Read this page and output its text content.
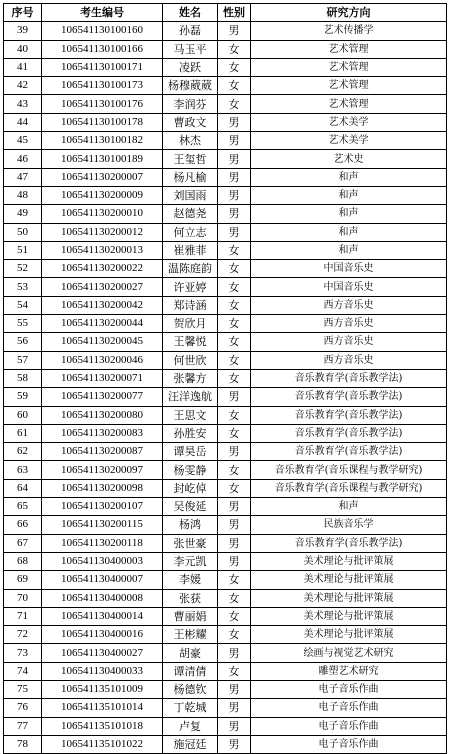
序号	考生编号	姓名	性别	研究方向
39	106541130100160	孙磊	男	艺术传播学
40	106541130100166	马玉平	女	艺术管理
41	106541130100171	凌跃	女	艺术管理
42	106541130100173	杨穆葳葳	女	艺术管理
43	106541130100176	李润芬	女	艺术管理
44	106541130100178	曹政文	男	艺术美学
45	106541130100182	林杰	男	艺术美学
46	106541130100189	王玺哲	男	艺术史
47	106541130200007	杨凡榆	男	和声
48	106541130200009	刘国雨	男	和声
49	106541130200010	赵德尧	男	和声
50	106541130200012	何立志	男	和声
51	106541130200013	崔雅菲	女	和声
52	106541130200022	温陈庭韵	女	中国音乐史
53	106541130200027	许亚婷	女	中国音乐史
54	106541130200042	郑诗涵	女	西方音乐史
55	106541130200044	贺欣月	女	西方音乐史
56	106541130200045	王馨悦	女	西方音乐史
57	106541130200046	何世欣	女	西方音乐史
58	106541130200071	张馨方	女	音乐教育学(音乐教学法)
59	106541130200077	汪洋逸航	男	音乐教育学(音乐教学法)
60	106541130200080	王思文	女	音乐教育学(音乐教学法)
61	106541130200083	孙胜安	女	音乐教育学(音乐教学法)
62	106541130200087	谭昊岳	男	音乐教育学(音乐教学法)
63	106541130200097	杨雯静	女	音乐教育学(音乐课程与教学研究)
64	106541130200098	封屹倬	女	音乐教育学(音乐课程与教学研究)
65	106541130200107	吴俊延	男	和声
66	106541130200115	杨鸿	男	民族音乐学
67	106541130200118	张世豪	男	音乐教育学(音乐教学法)
68	106541130400003	李元凯	男	美术理论与批评策展
69	106541130400007	李媛	女	美术理论与批评策展
70	106541130400008	张获	女	美术理论与批评策展
71	106541130400014	曹丽娟	女	美术理论与批评策展
72	106541130400016	王彬耀	女	美术理论与批评策展
73	106541130400027	胡豪	男	绘画与视觉艺术研究
74	106541130400033	谭清倩	女	雕塑艺术研究
75	106541135101009	杨德钦	男	电子音乐作曲
76	106541135101014	丁乾城	男	电子音乐作曲
77	106541135101018	卢复	男	电子音乐作曲
78	106541135101022	施冠廷	男	电子音乐作曲
